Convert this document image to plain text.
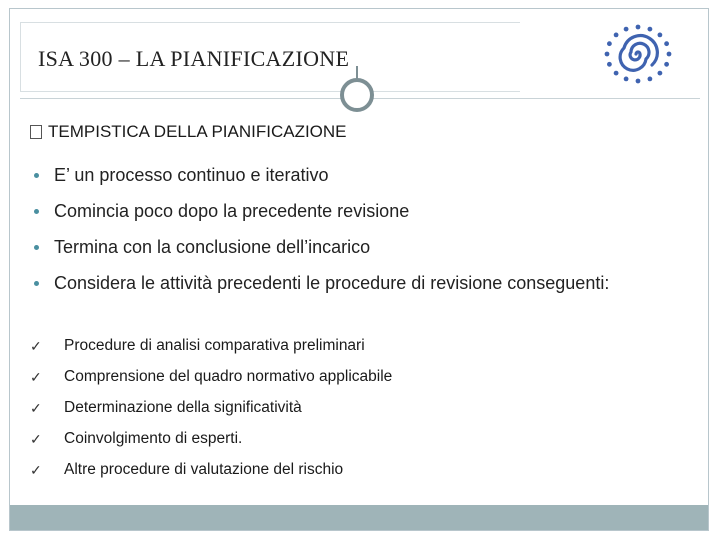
ISA 300 – LA PIANIFICAZIONE
TEMPISTICA DELLA PIANIFICAZIONE
E’ un processo continuo e iterativo
Comincia poco dopo la precedente revisione
Termina con la conclusione dell’incarico
Considera le attività precedenti le procedure di revisione conseguenti:
✓ Procedure di analisi comparativa preliminari
✓ Comprensione del quadro normativo applicabile
✓ Determinazione della significatività
✓ Coinvolgimento di esperti.
✓ Altre procedure di valutazione del rischio
